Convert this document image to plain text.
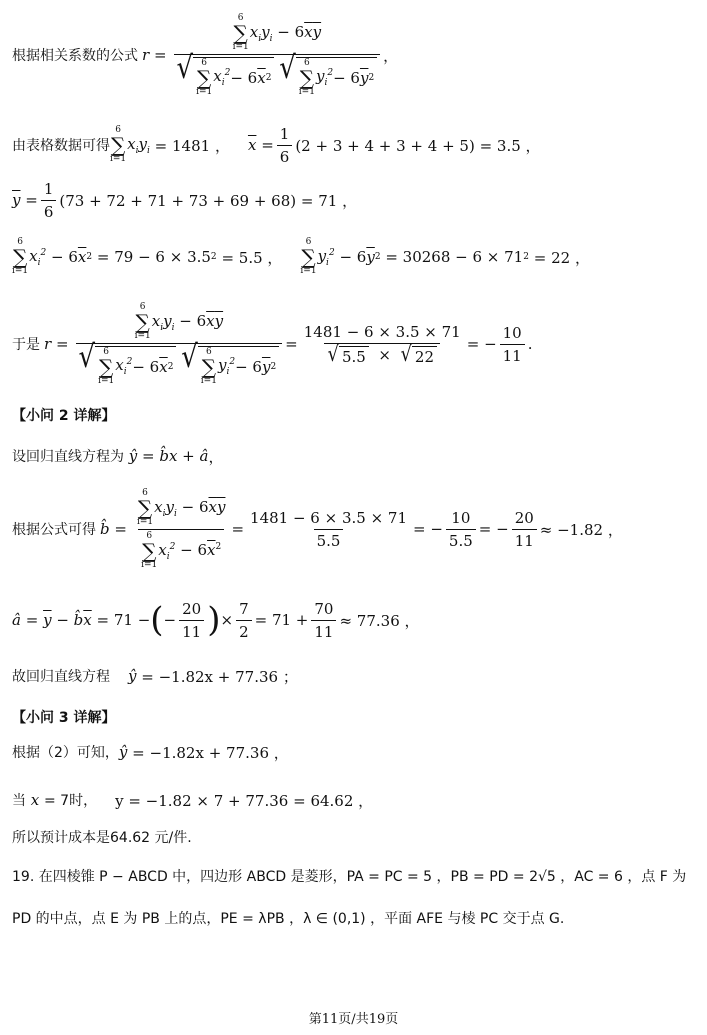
根据相关系数的公式 r = 6
∑
i=1
$x_iy_i - 6\overline{x}\overline{y}$
√ 6
∑
i=1
$x_i^2 - 6$ $\overline{x}$ 2
√ 6
∑
i=1
$y_i^2 - 6$ $\overline{y}$ 2 ，
由表格数据可得
6
∑
i=1
$x_iy_i$
= 1481 ， $\overline{x} = \frac{1}{6} (2 + 3 + 4 + 3 + 4 + 5) = 3.5$ ，
$\overline{y} = \frac{1}{6} (73 + 72 + 71 + 73 + 69 + 68) = 71$ ，
6
∑
i=1
$x_i^2 - 6$ $\overline{x}$ 2
= 79 − 6 × 3.5 2
= 5.5 ，
6
∑
i=1
$y_i^2 - 6$ $\overline{y}$ 2
= 30268 − 6 × 71 2
= 22 ，
于是 r = 6
∑
i=1
$x_iy_i - 6\overline{x}\overline{y}$
√ 6
∑
i=1
$x_i^2 - 6$ $\overline{x}$ 2
√ 6
∑
i=1
$y_i^2 - 6$ $\overline{y}$ $2 = \frac{1481 - 6 \times 3.5 \times 71}{√ 5.5 \times √ 22}$ = − $\frac{10}{11}$ .
【小问 2 详解】
设回归直线方程为 ŷ = b̂x + â ，
根据公式可得 b̂ = 6
∑
i=1
$x_iy_i - 6\overline{x}\overline{y}$
6
∑
i=1
$x_i^2 - 6\overline{x}^2 = \frac{1481 - 6 \times 3.5 \times 71}{5.5}$ = − $\frac{10}{5.5}$ = − $\frac{20}{11} \approx -1.82$ ，
â = $\overline{y}$ − $b̂\overline{x}$
= 71 − ( − $\frac{20}{11}$ ) × $\frac{7}{2} = 71 + \frac{70}{11} \approx 77.36$ ，
故回归直线方程 ŷ = −1.82x + 77.36 ；
【小问 3 详解】
根据（2）可知， ŷ = −1.82x + 77.36 ，
当 x = 7时， y = −1.82 × 7 + 77.36 = 64.62 ，
所以预计成本是64.62 元/件.
19. 在四棱锥 P − ABCD 中，四边形 ABCD 是菱形，PA = PC = 5 ，PB = PD = 2√5 ，AC = 6 ，点 F 为
PD 的中点，点 E 为 PB 上的点，PE = λPB ，λ ∈ (0,1) ，平面 AFE 与棱 PC 交于点 G.
第11页/共19页
